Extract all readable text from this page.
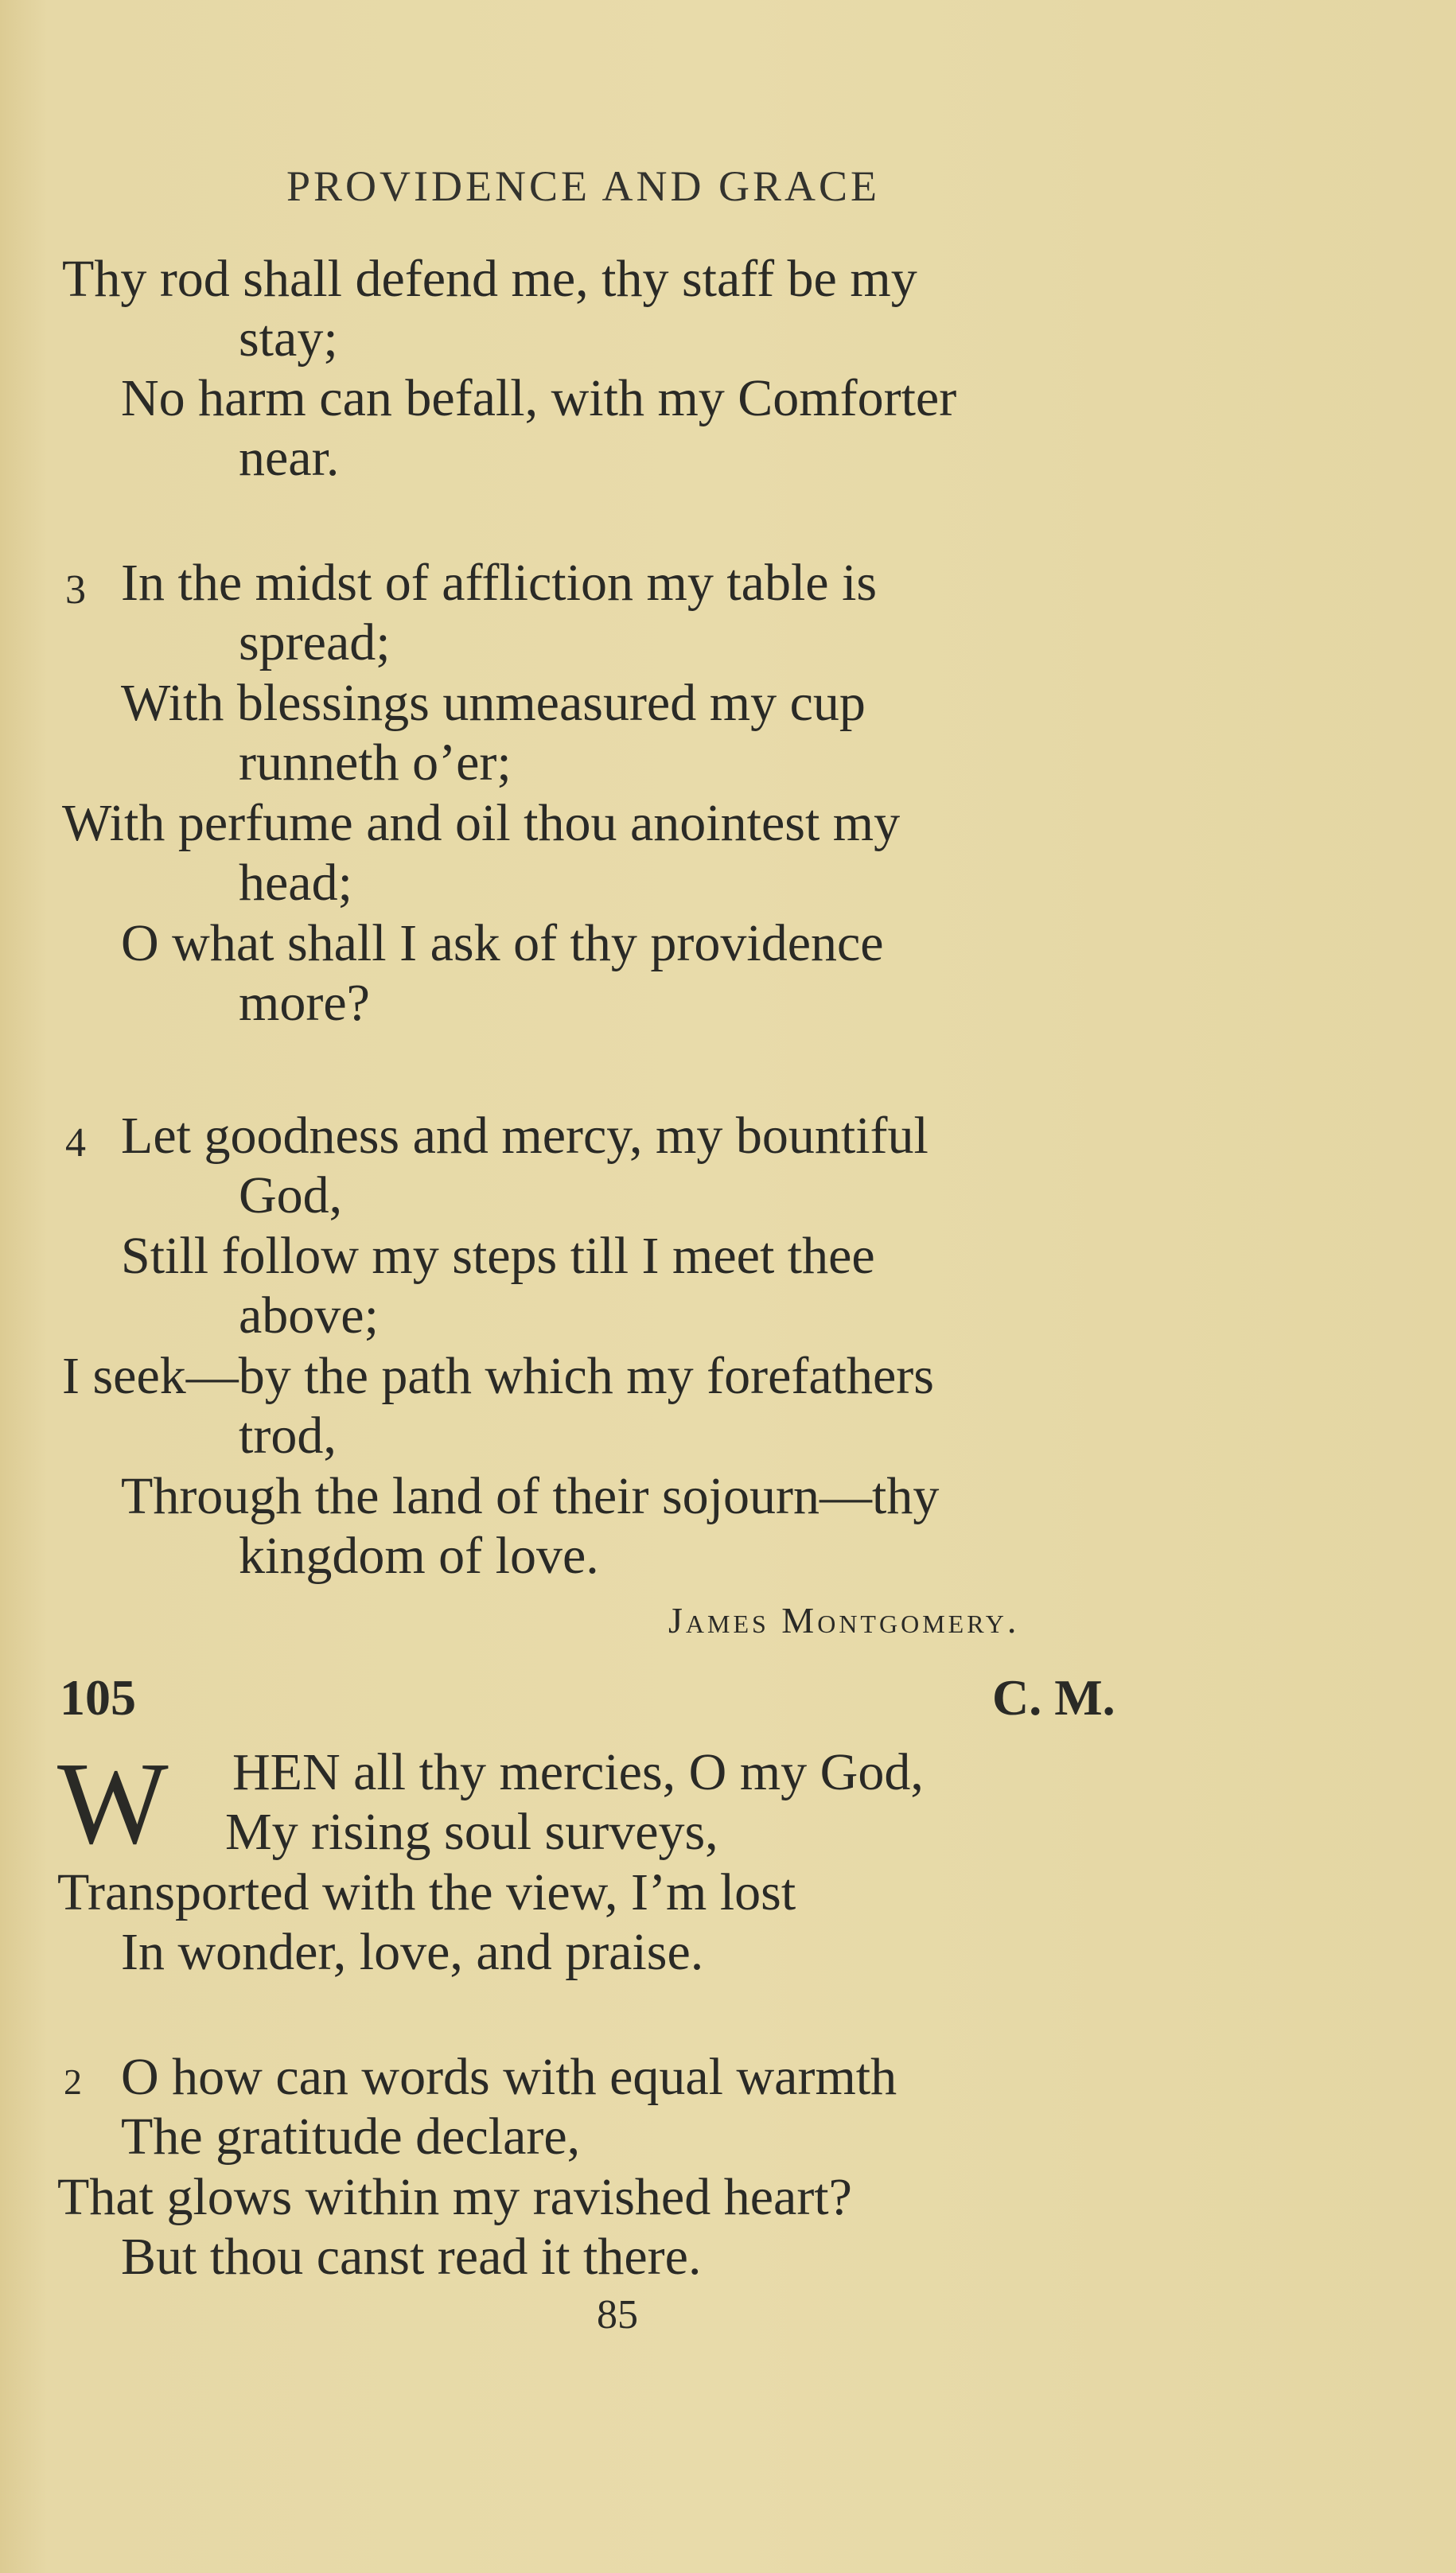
PROVIDENCE AND GRACE
Thy rod shall defend me, thy staff be my
stay;
No harm can befall, with my Comforter
near.
3 In the midst of affliction my table is
spread;
With blessings unmeasured my cup
runneth o’er;
With perfume and oil thou anointest my
head;
O what shall I ask of thy providence
more?
4 Let goodness and mercy, my bountiful
God,
Still follow my steps till I meet thee
above;
I seek—by the path which my forefathers
trod,
Through the land of their sojourn—thy
kingdom of love.
James Montgomery.
105	C. M.
W HEN all thy mercies, O my God,
My rising soul surveys,
Transported with the view, I’m lost
In wonder, love, and praise.
2 O how can words with equal warmth
The gratitude declare,
That glows within my ravished heart?
But thou canst read it there.
85
